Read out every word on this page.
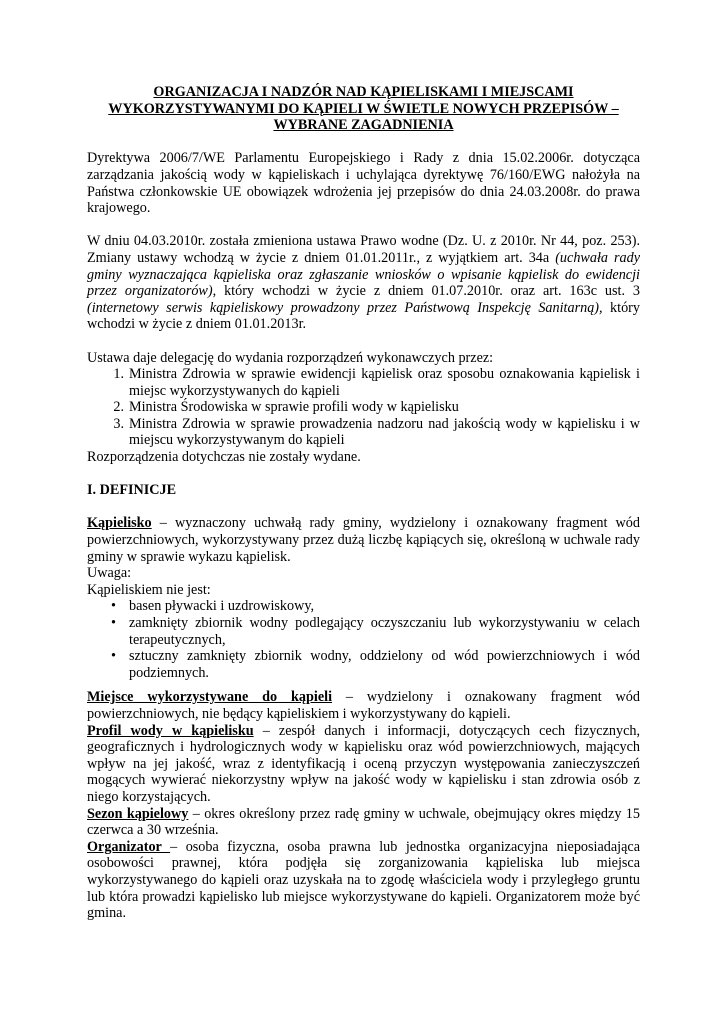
ORGANIZACJA I NADZÓR NAD KĄPIELISKAMI I MIEJSCAMI

WYKORZYSTYWANYMI DO KĄPIELI W ŚWIETLE NOWYCH PRZEPISÓW –

WYBRANE ZAGADNIENIA

Dyrektywa 2006/7/WE Parlamentu Europejskiego i Rady z dnia 15.02.2006r. dotycząca zarządzania jakością wody w kąpieliskach i uchylająca dyrektywę 76/160/EWG nałożyła na Państwa członkowskie UE obowiązek wdrożenia jej przepisów do dnia 24.03.2008r. do prawa krajowego.

W dniu 04.03.2010r. została zmieniona ustawa Prawo wodne (Dz. U. z 2010r. Nr 44, poz. 253). Zmiany ustawy wchodzą w życie z dniem 01.01.2011r., z wyjątkiem art. 34a (uchwała rady gminy wyznaczająca kąpieliska oraz zgłaszanie wniosków o wpisanie kąpielisk do ewidencji przez organizatorów), który wchodzi w życie z dniem 01.07.2010r. oraz art. 163c ust. 3 (internetowy serwis kąpieliskowy prowadzony przez Państwową Inspekcję Sanitarną), który wchodzi w życie z dniem 01.01.2013r.

Ustawa daje delegację do wydania rozporządzeń wykonawczych przez:

1. Ministra Zdrowia w sprawie ewidencji kąpielisk oraz sposobu oznakowania kąpielisk i miejsc wykorzystywanych do kąpieli
2. Ministra Środowiska w sprawie profili wody w kąpielisku
3. Ministra Zdrowia w sprawie prowadzenia nadzoru nad jakością wody w kąpielisku i w miejscu wykorzystywanym do kąpieli

Rozporządzenia dotychczas nie zostały wydane.

I. DEFINICJE

Kąpielisko – wyznaczony uchwałą rady gminy, wydzielony i oznakowany fragment wód powierzchniowych, wykorzystywany przez dużą liczbę kąpiących się, określoną w uchwale rady gminy w sprawie wykazu kąpielisk.

Uwaga:

Kąpieliskiem nie jest:

• basen pływacki i uzdrowiskowy,
• zamknięty zbiornik wodny podlegający oczyszczaniu lub wykorzystywaniu w celach terapeutycznych,
• sztuczny zamknięty zbiornik wodny, oddzielony od wód powierzchniowych i wód podziemnych.

Miejsce wykorzystywane do kąpieli – wydzielony i oznakowany fragment wód powierzchniowych, nie będący kąpieliskiem i wykorzystywany do kąpieli.

Profil wody w kąpielisku – zespół danych i informacji, dotyczących cech fizycznych, geograficznych i hydrologicznych wody w kąpielisku oraz wód powierzchniowych, mających wpływ na jej jakość, wraz z identyfikacją i oceną przyczyn występowania zanieczyszczeń mogących wywierać niekorzystny wpływ na jakość wody w kąpielisku i stan zdrowia osób z niego korzystających.

Sezon kąpielowy – okres określony przez radę gminy w uchwale, obejmujący okres między 15 czerwca a 30 września.

Organizator – osoba fizyczna, osoba prawna lub jednostka organizacyjna nieposiadająca osobowości prawnej, która podjęła się zorganizowania kąpieliska lub miejsca wykorzystywanego do kąpieli oraz uzyskała na to zgodę właściciela wody i przyległego gruntu lub która prowadzi kąpielisko lub miejsce wykorzystywane do kąpieli. Organizatorem może być gmina.
